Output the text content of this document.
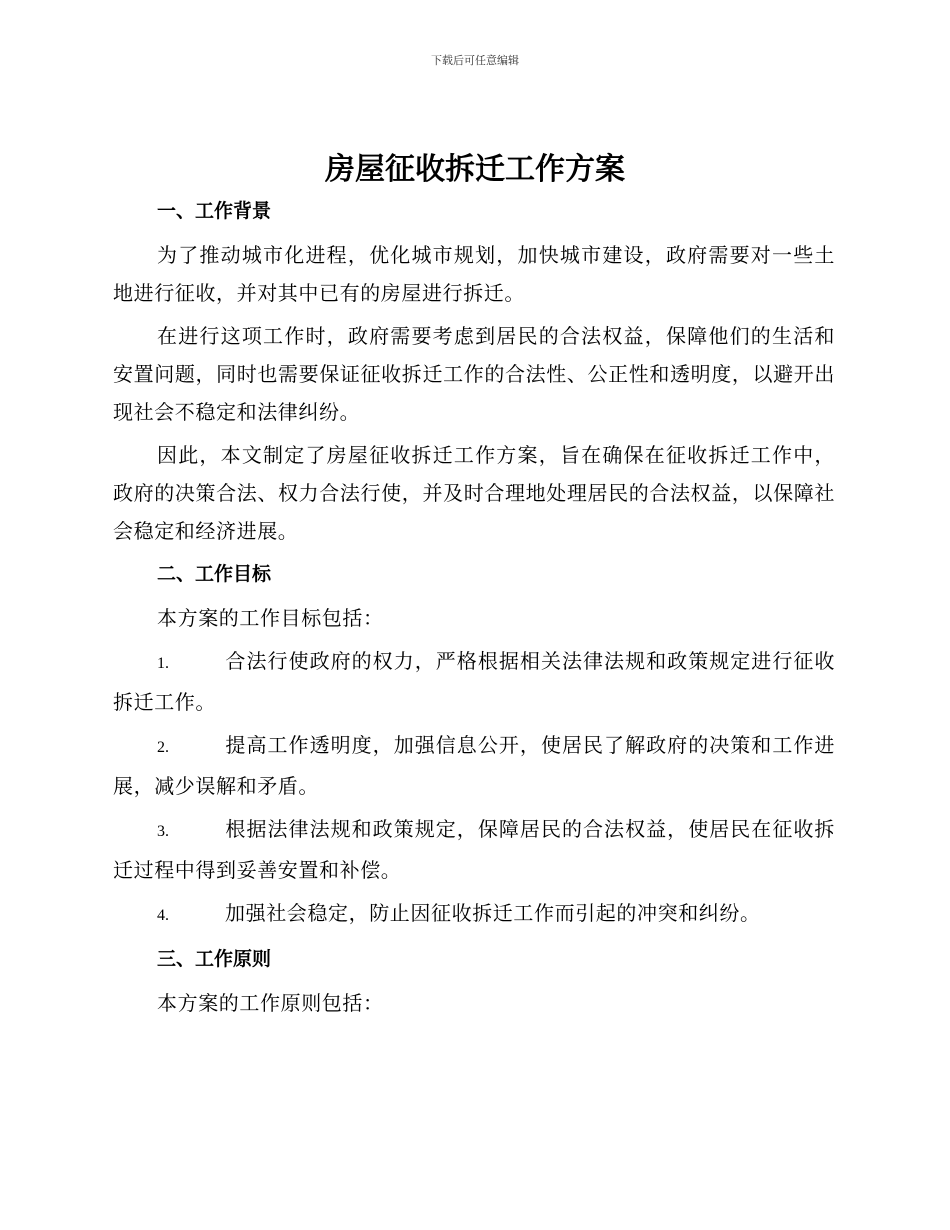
下载后可任意编辑
房屋征收拆迁工作方案
一、工作背景

为了推动城市化进程，优化城市规划，加快城市建设，政府需要对一些土地进行征收，并对其中已有的房屋进行拆迁。

在进行这项工作时，政府需要考虑到居民的合法权益，保障他们的生活和安置问题，同时也需要保证征收拆迁工作的合法性、公正性和透明度，以避开出现社会不稳定和法律纠纷。

因此，本文制定了房屋征收拆迁工作方案，旨在确保在征收拆迁工作中，政府的决策合法、权力合法行使，并及时合理地处理居民的合法权益，以保障社会稳定和经济进展。

二、工作目标

本方案的工作目标包括：

1.	合法行使政府的权力，严格根据相关法律法规和政策规定进行征收拆迁工作。

2.	提高工作透明度，加强信息公开，使居民了解政府的决策和工作进展，减少误解和矛盾。

3.	根据法律法规和政策规定，保障居民的合法权益，使居民在征收拆迁过程中得到妥善安置和补偿。

4.	加强社会稳定，防止因征收拆迁工作而引起的冲突和纠纷。

三、工作原则

本方案的工作原则包括：
